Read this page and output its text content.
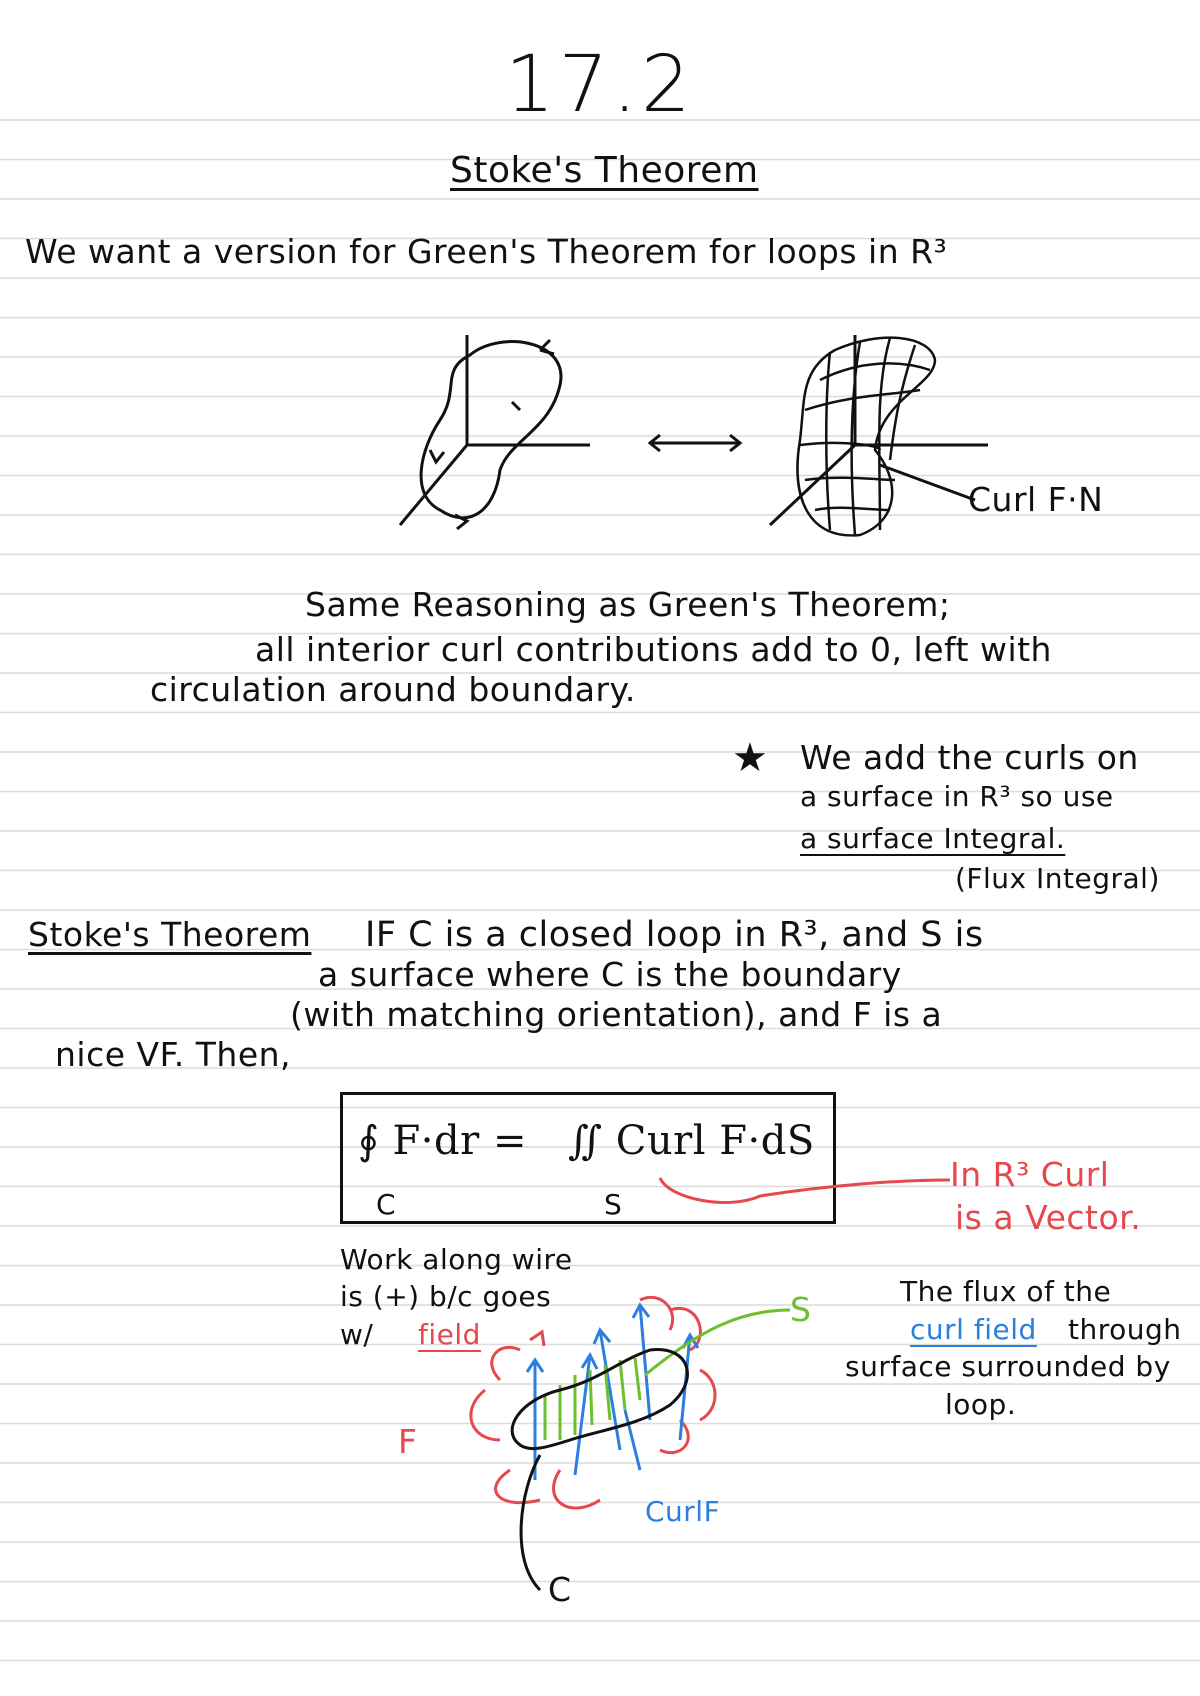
17.2
Stoke's Theorem
We want a version for Green's Theorem for loops in R³
Curl F·N
Same Reasoning as Green's Theorem;
all interior curl contributions add to 0, left with
circulation around boundary.
★ We add the curls on
a surface in R³ so use
a surface Integral.
(Flux Integral)
Stoke's Theorem IF C is a closed loop in R³, and S is
a surface where C is the boundary
(with matching orientation), and F is a
nice VF. Then,
∮ F·dr = ∬ Curl F·dS
C	S
In R³ Curl
is a Vector.
Work along wire
is (+) b/c goes
w/ field
The flux of the
curl field through
surface surrounded by
loop.
F
S
CurlF
C
